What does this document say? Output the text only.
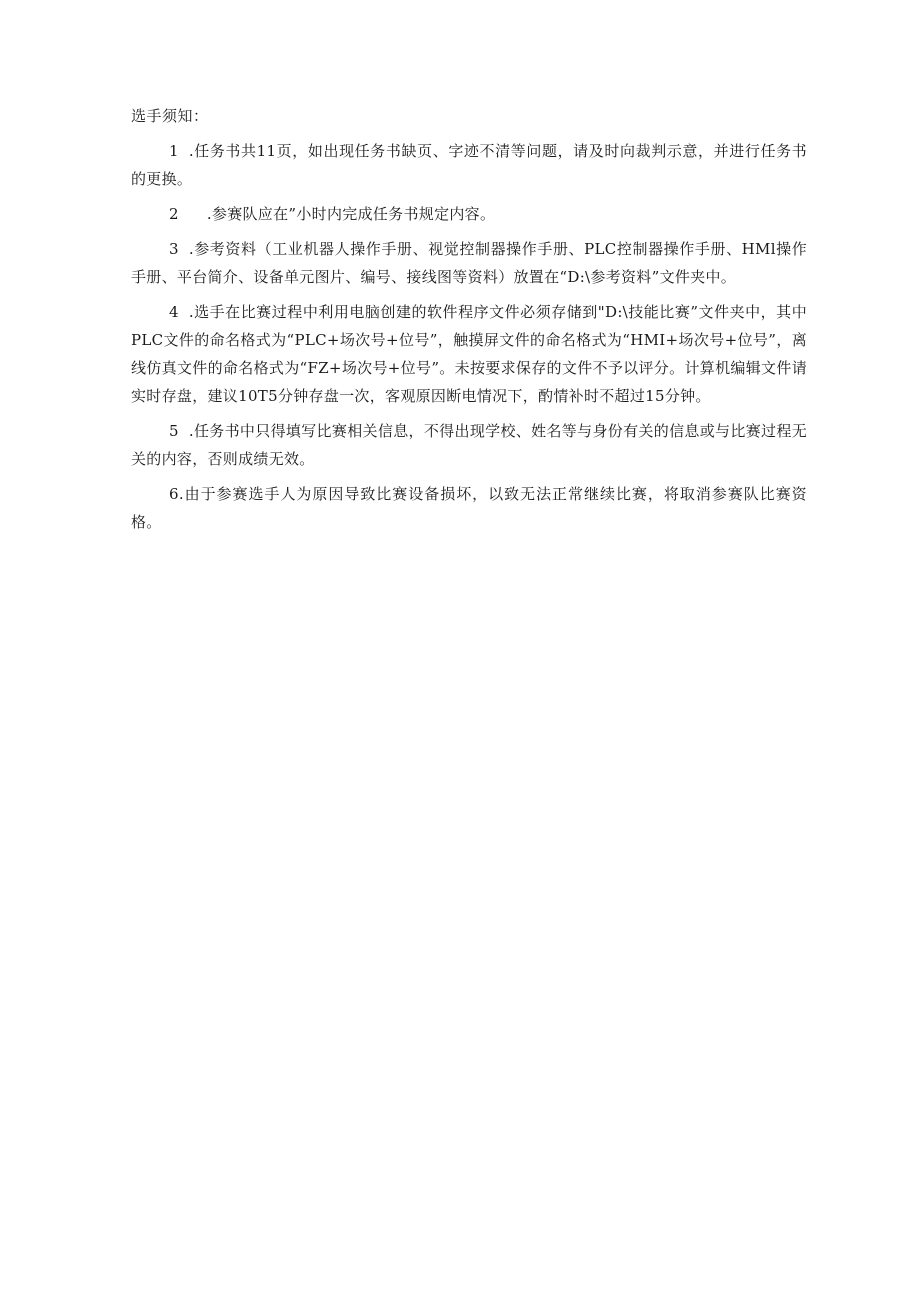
选手须知：

1 .任务书共11页，如出现任务书缺页、字迹不清等问题，请及时向裁判示意，并进行任务书的更换。

2 .参赛队应在”小时内完成任务书规定内容。

3 .参考资料（工业机器人操作手册、视觉控制器操作手册、PLC控制器操作手册、HMl操作手册、平台简介、设备单元图片、编号、接线图等资料）放置在“D:\参考资料”文件夹中。

4 .选手在比赛过程中利用电脑创建的软件程序文件必须存储到"D:\技能比赛”文件夹中，其中PLC文件的命名格式为“PLC+场次号+位号”，触摸屏文件的命名格式为“HMI+场次号+位号”，离线仿真文件的命名格式为“FZ+场次号+位号”。未按要求保存的文件不予以评分。计算机编辑文件请实时存盘，建议10T5分钟存盘一次，客观原因断电情况下，酌情补时不超过15分钟。

5 .任务书中只得填写比赛相关信息，不得出现学校、姓名等与身份有关的信息或与比赛过程无关的内容，否则成绩无效。

6.由于参赛选手人为原因导致比赛设备损坏，以致无法正常继续比赛，将取消参赛队比赛资格。
